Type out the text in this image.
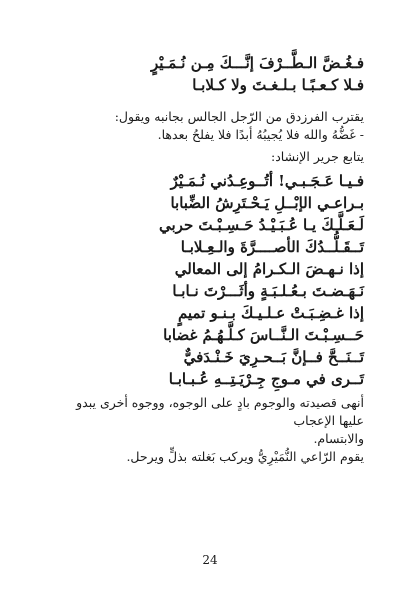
فـغُـضَّ الـطَّــرْفَ إنَّـــكَ مِـن نُـمَـيْرٍ
فـلا كـعـبًـا بـلـغـتَ ولا كـلابـا
يقترب الفرزدق من الرّجل الجالس بجانبه ويقول:
- غَضُّهُ والله فلا يُجيبُهُ أبدًا فلا يفلحُ بعدها.
يتابع جرير الإنشاد:
فـيـا عَـجَـبـي! أتُــوعِـدُني نُـمَـيْرٌ
بـراعـي الإبْــلِ يَـحْـتَرِشُ الضِّبابا
لَـعَـلَّـكَ يـا عُـبَـيْـدُ حَـسِـبْـتَ حربي
تَــقَـلُّــدُكَ الأصــــرَّةَ والـعِـلابـا
إذا نـهـضَ الـكـرامُ إلى المعالي
نَـهَـضـتَ بـعُـلـبَـةٍ وأثَـــرْتَ نـابـا
إذا غـضِـبَـتْ عـلـيـكَ بـنـو تميمٍ
حَــسِـبْـتَ الـنَّــاسَ كـلَّـهُـمُ غضابا
تَــنَــحَّ فــإنَّ بَــحـرِيَ خَـنْـدَفيٌّ
تَــرى في مـوجِ جِـرْيَـتِــهِ عُـبـابـا
أنهى قصيدته والوجوم بادٍ على الوجوه، ووجوه أخرى يبدو عليها الإعجاب
والابتسام.
يقوم الرّاعي النُّمَيْرِيُّ ويركب بَغلته بذلٍّ ويرحل.
24
